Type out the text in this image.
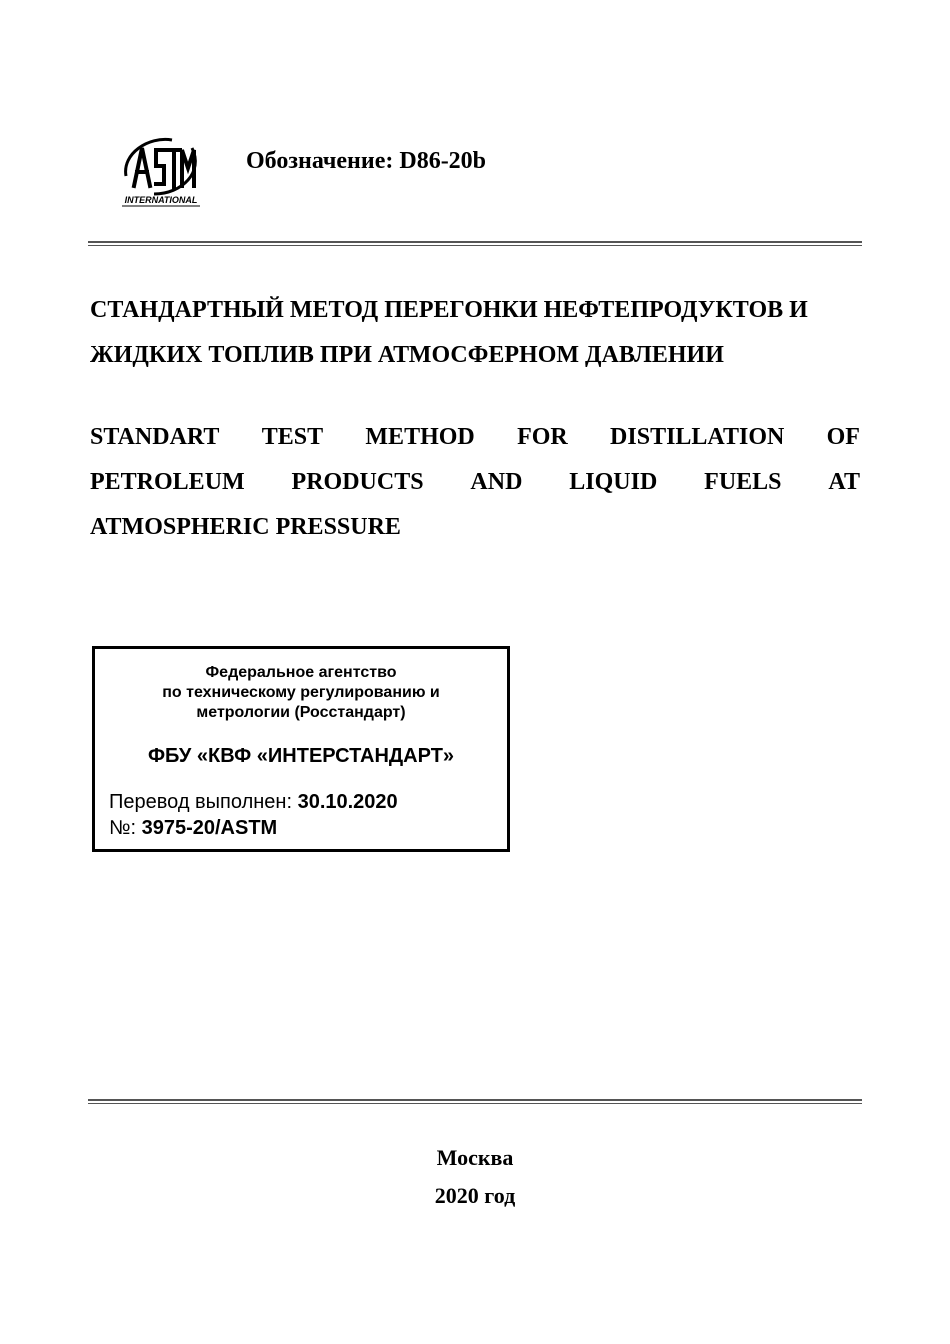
INTERNATIONAL
Обозначение: D86-20b
СТАНДАРТНЫЙ МЕТОД ПЕРЕГОНКИ НЕФТЕПРОДУКТОВ И
ЖИДКИХ ТОПЛИВ ПРИ АТМОСФЕРНОМ ДАВЛЕНИИ
STANDART TEST METHOD FOR DISTILLATION OF
PETROLEUM PRODUCTS AND LIQUID FUELS AT
ATMOSPHERIC PRESSURE
Федеральное агентство
по техническому регулированию и
метрологии (Росстандарт)
ФБУ «КВФ «ИНТЕРСТАНДАРТ»
Перевод выполнен: 30.10.2020
№: 3975-20/ASTM
Москва
2020 год
